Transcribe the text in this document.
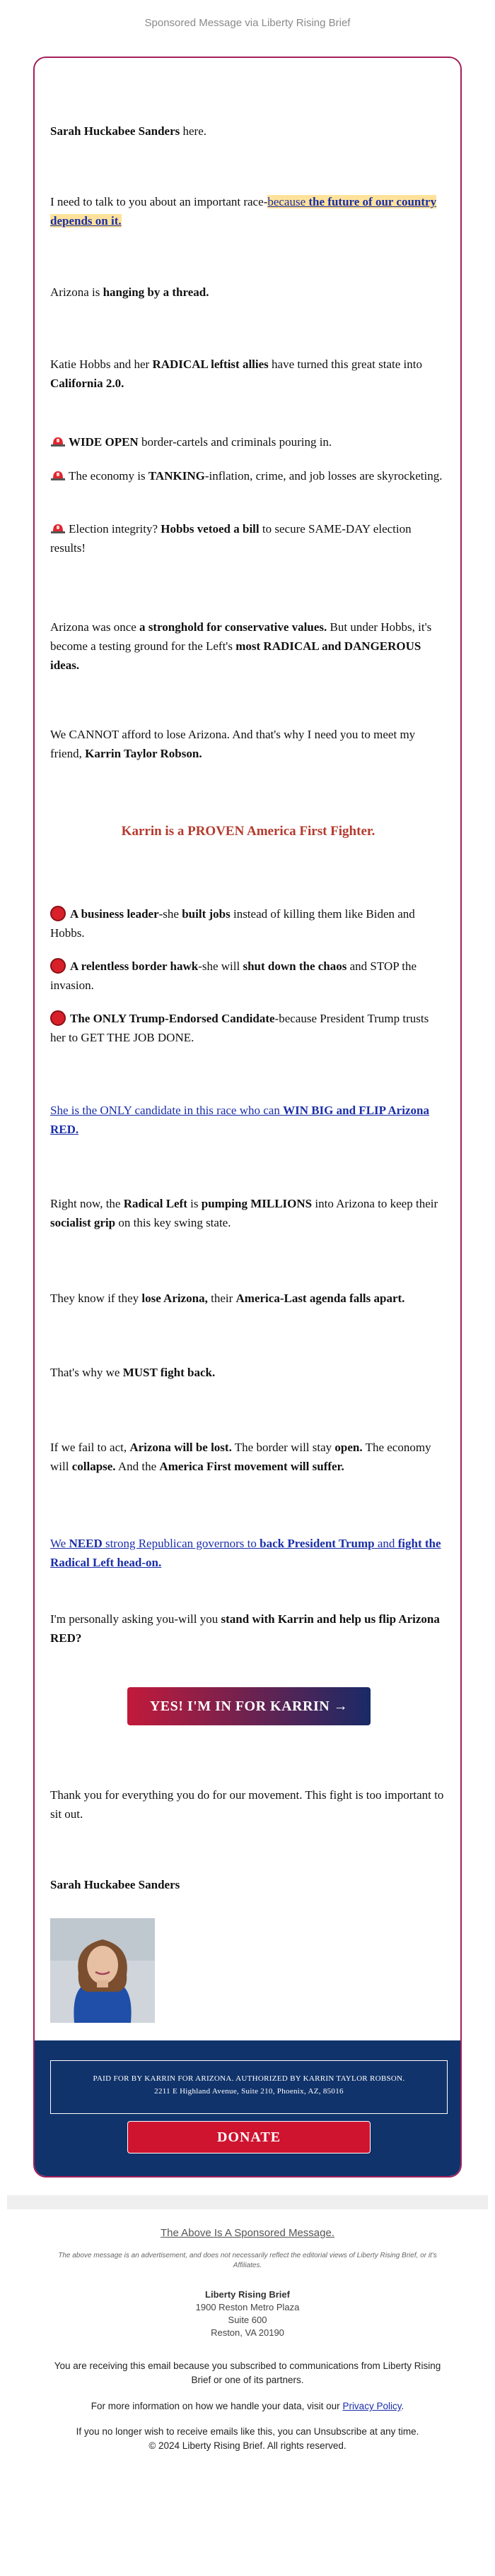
Sponsored Message via Liberty Rising Brief
Sarah Huckabee Sanders here.
I need to talk to you about an important race-because the future of our country depends on it.
Arizona is hanging by a thread.
Katie Hobbs and her RADICAL leftist allies have turned this great state into California 2.0.
WIDE OPEN border-cartels and criminals pouring in.
The economy is TANKING-inflation, crime, and job losses are skyrocketing.
Election integrity? Hobbs vetoed a bill to secure SAME-DAY election results!
Arizona was once a stronghold for conservative values. But under Hobbs, it's become a testing ground for the Left's most RADICAL and DANGEROUS ideas.
We CANNOT afford to lose Arizona. And that's why I need you to meet my friend, Karrin Taylor Robson.
Karrin is a PROVEN America First Fighter.
A business leader-she built jobs instead of killing them like Biden and Hobbs.
A relentless border hawk-she will shut down the chaos and STOP the invasion.
The ONLY Trump-Endorsed Candidate-because President Trump trusts her to GET THE JOB DONE.
She is the ONLY candidate in this race who can WIN BIG and FLIP Arizona RED.
Right now, the Radical Left is pumping MILLIONS into Arizona to keep their socialist grip on this key swing state.
They know if they lose Arizona, their America-Last agenda falls apart.
That's why we MUST fight back.
If we fail to act, Arizona will be lost. The border will stay open. The economy will collapse. And the America First movement will suffer.
We NEED strong Republican governors to back President Trump and fight the Radical Left head-on.
I'm personally asking you-will you stand with Karrin and help us flip Arizona RED?
YES! I'M IN FOR KARRIN →
Thank you for everything you do for our movement. This fight is too important to sit out.
Sarah Huckabee Sanders
PAID FOR BY KARRIN FOR ARIZONA. AUTHORIZED BY KARRIN TAYLOR ROBSON.
2211 E Highland Avenue, Suite 210, Phoenix, AZ, 85016
DONATE
The Above Is A Sponsored Message.
The above message is an advertisement, and does not necessarily reflect the editorial views of Liberty Rising Brief, or it's Affiliates.
Liberty Rising Brief
1900 Reston Metro Plaza
Suite 600
Reston, VA 20190
You are receiving this email because you subscribed to communications from Liberty Rising Brief or one of its partners.
For more information on how we handle your data, visit our Privacy Policy.
If you no longer wish to receive emails like this, you can Unsubscribe at any time.
© 2024 Liberty Rising Brief. All rights reserved.
